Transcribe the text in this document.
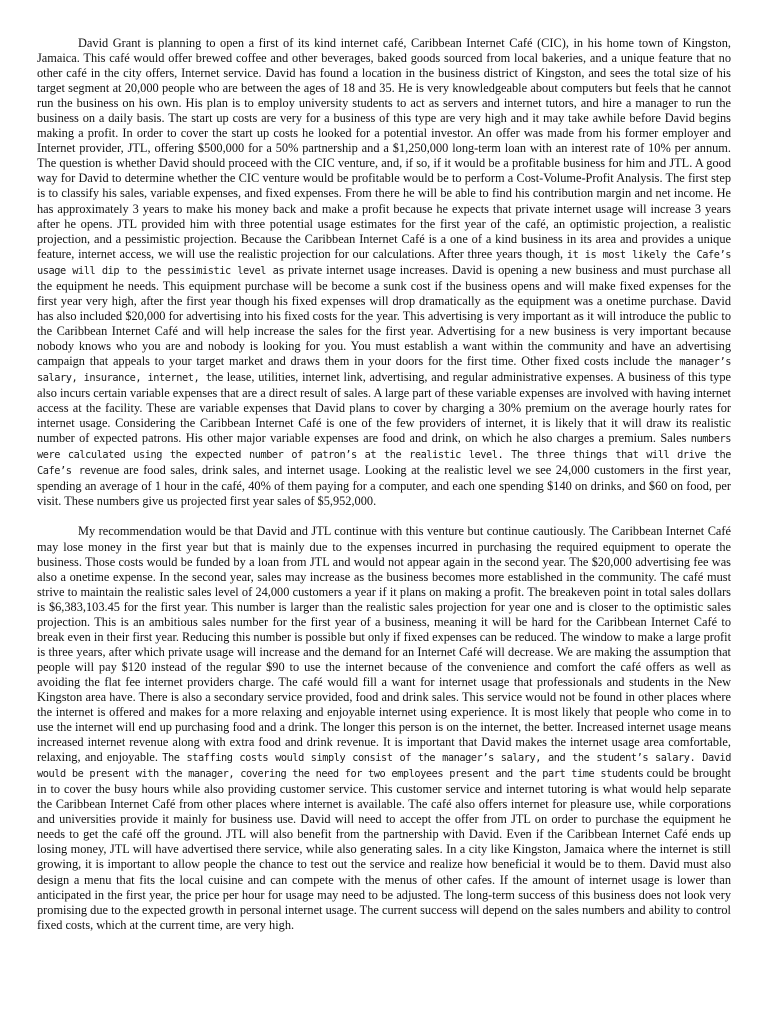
David Grant is planning to open a first of its kind internet café, Caribbean Internet Café (CIC), in his home town of Kingston, Jamaica. This café would offer brewed coffee and other beverages, baked goods sourced from local bakeries, and a unique feature that no other café in the city offers, Internet service. David has found a location in the business district of Kingston, and sees the total size of his target segment at 20,000 people who are between the ages of 18 and 35. He is very knowledgeable about computers but feels that he cannot run the business on his own. His plan is to employ university students to act as servers and internet tutors, and hire a manager to run the business on a daily basis. The start up costs are very for a business of this type are very high and it may take awhile before David begins making a profit. In order to cover the start up costs he looked for a potential investor. An offer was made from his former employer and Internet provider, JTL, offering $500,000 for a 50% partnership and a $1,250,000 long-term loan with an interest rate of 10% per annum. The question is whether David should proceed with the CIC venture, and, if so, if it would be a profitable business for him and JTL. A good way for David to determine whether the CIC venture would be profitable would be to perform a Cost-Volume-Profit Analysis. The first step is to classify his sales, variable expenses, and fixed expenses. From there he will be able to find his contribution margin and net income. He has approximately 3 years to make his money back and make a profit because he expects that private internet usage will increase 3 years after he opens. JTL provided him with three potential usage estimates for the first year of the café, an optimistic projection, a realistic projection, and a pessimistic projection. Because the Caribbean Internet Café is a one of a kind business in its area and provides a unique feature, internet access, we will use the realistic projection for our calculations. After three years though, it is most likely the Cafe’s usage will dip to the pessimistic level as private internet usage increases. David is opening a new business and must purchase all the equipment he needs. This equipment purchase will be become a sunk cost if the business opens and will make fixed expenses for the first year very high, after the first year though his fixed expenses will drop dramatically as the equipment was a onetime purchase. David has also included $20,000 for advertising into his fixed costs for the year. This advertising is very important as it will introduce the public to the Caribbean Internet Café and will help increase the sales for the first year. Advertising for a new business is very important because nobody knows who you are and nobody is looking for you. You must establish a want within the community and have an advertising campaign that appeals to your target market and draws them in your doors for the first time. Other fixed costs include the manager’s salary, insurance, internet, the lease, utilities, internet link, advertising, and regular administrative expenses. A business of this type also incurs certain variable expenses that are a direct result of sales. A large part of these variable expenses are involved with having internet access at the facility. These are variable expenses that David plans to cover by charging a 30% premium on the average hourly rates for internet usage. Considering the Caribbean Internet Café is one of the few providers of internet, it is likely that it will draw its realistic number of expected patrons. His other major variable expenses are food and drink, on which he also charges a premium. Sales numbers were calculated using the expected number of patron’s at the realistic level. The three things that will drive the Cafe’s revenue are food sales, drink sales, and internet usage. Looking at the realistic level we see 24,000 customers in the first year, spending an average of 1 hour in the café, 40% of them paying for a computer, and each one spending $140 on drinks, and $60 on food, per visit. These numbers give us projected first year sales of $5,952,000.

My recommendation would be that David and JTL continue with this venture but continue cautiously. The Caribbean Internet Café may lose money in the first year but that is mainly due to the expenses incurred in purchasing the required equipment to operate the business. Those costs would be funded by a loan from JTL and would not appear again in the second year. The $20,000 advertising fee was also a onetime expense. In the second year, sales may increase as the business becomes more established in the community. The café must strive to maintain the realistic sales level of 24,000 customers a year if it plans on making a profit. The breakeven point in total sales dollars is $6,383,103.45 for the first year. This number is larger than the realistic sales projection for year one and is closer to the optimistic sales projection. This is an ambitious sales number for the first year of a business, meaning it will be hard for the Caribbean Internet Café to break even in their first year. Reducing this number is possible but only if fixed expenses can be reduced. The window to make a large profit is three years, after which private usage will increase and the demand for an Internet Café will decrease. We are making the assumption that people will pay $120 instead of the regular $90 to use the internet because of the convenience and comfort the café offers as well as avoiding the flat fee internet providers charge. The café would fill a want for internet usage that professionals and students in the New Kingston area have. There is also a secondary service provided, food and drink sales. This service would not be found in other places where the internet is offered and makes for a more relaxing and enjoyable internet using experience. It is most likely that people who come in to use the internet will end up purchasing food and a drink. The longer this person is on the internet, the better. Increased internet usage means increased internet revenue along with extra food and drink revenue. It is important that David makes the internet usage area comfortable, relaxing, and enjoyable. The staffing costs would simply consist of the manager’s salary, and the student’s salary. David would be present with the manager, covering the need for two employees present and the part time students could be brought in to cover the busy hours while also providing customer service. This customer service and internet tutoring is what would help separate the Caribbean Internet Café from other places where internet is available. The café also offers internet for pleasure use, while corporations and universities provide it mainly for business use. David will need to accept the offer from JTL on order to purchase the equipment he needs to get the café off the ground. JTL will also benefit from the partnership with David. Even if the Caribbean Internet Café ends up losing money, JTL will have advertised there service, while also generating sales. In a city like Kingston, Jamaica where the internet is still growing, it is important to allow people the chance to test out the service and realize how beneficial it would be to them. David must also design a menu that fits the local cuisine and can compete with the menus of other cafes. If the amount of internet usage is lower than anticipated in the first year, the price per hour for usage may need to be adjusted. The long-term success of this business does not look very promising due to the expected growth in personal internet usage. The current success will depend on the sales numbers and ability to control fixed costs, which at the current time, are very high.
